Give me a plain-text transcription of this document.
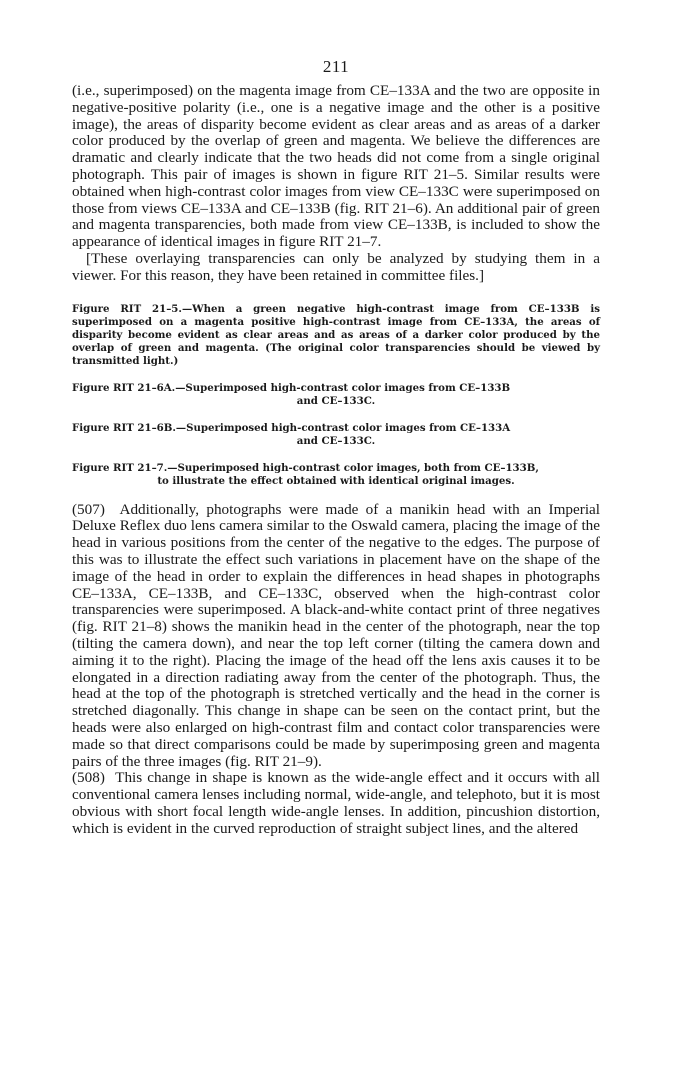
211

(i.e., superimposed) on the magenta image from CE–133A and the two are opposite in negative-positive polarity (i.e., one is a negative image and the other is a positive image), the areas of disparity become evident as clear areas and as areas of a darker color produced by the overlap of green and magenta. We believe the differences are dramatic and clearly indicate that the two heads did not come from a single original photograph. This pair of images is shown in figure RIT 21–5. Similar results were obtained when high-contrast color images from view CE–133C were superimposed on those from views CE–133A and CE–133B (fig. RIT 21–6). An additional pair of green and magenta transparencies, both made from view CE–133B, is included to show the appearance of identical images in figure RIT 21–7.

[These overlaying transparencies can only be analyzed by studying them in a viewer. For this reason, they have been retained in committee files.]

Figure RIT 21–5.—When a green negative high-contrast image from CE–133B is superimposed on a magenta positive high-contrast image from CE–133A, the areas of disparity become evident as clear areas and as areas of a darker color produced by the overlap of green and magenta. (The original color transparencies should be viewed by transmitted light.)

Figure RIT 21–6A.—Superimposed high-contrast color images from CE–133B
and CE–133C.

Figure RIT 21–6B.—Superimposed high-contrast color images from CE–133A
and CE–133C.

Figure RIT 21–7.—Superimposed high-contrast color images, both from CE–133B,
to illustrate the effect obtained with identical original images.

(507) Additionally, photographs were made of a manikin head with an Imperial Deluxe Reflex duo lens camera similar to the Oswald camera, placing the image of the head in various positions from the center of the negative to the edges. The purpose of this was to illustrate the effect such variations in placement have on the shape of the image of the head in order to explain the differences in head shapes in photographs CE–133A, CE–133B, and CE–133C, observed when the high-contrast color transparencies were superimposed. A black-and-white contact print of three negatives (fig. RIT 21–8) shows the manikin head in the center of the photograph, near the top (tilting the camera down), and near the top left corner (tilting the camera down and aiming it to the right). Placing the image of the head off the lens axis causes it to be elongated in a direction radiating away from the center of the photograph. Thus, the head at the top of the photograph is stretched vertically and the head in the corner is stretched diagonally. This change in shape can be seen on the contact print, but the heads were also enlarged on high-contrast film and contact color transparencies were made so that direct comparisons could be made by superimposing green and magenta pairs of the three images (fig. RIT 21–9).

(508) This change in shape is known as the wide-angle effect and it occurs with all conventional camera lenses including normal, wide-angle, and telephoto, but it is most obvious with short focal length wide-angle lenses. In addition, pincushion distortion, which is evident in the curved reproduction of straight subject lines, and the altered
